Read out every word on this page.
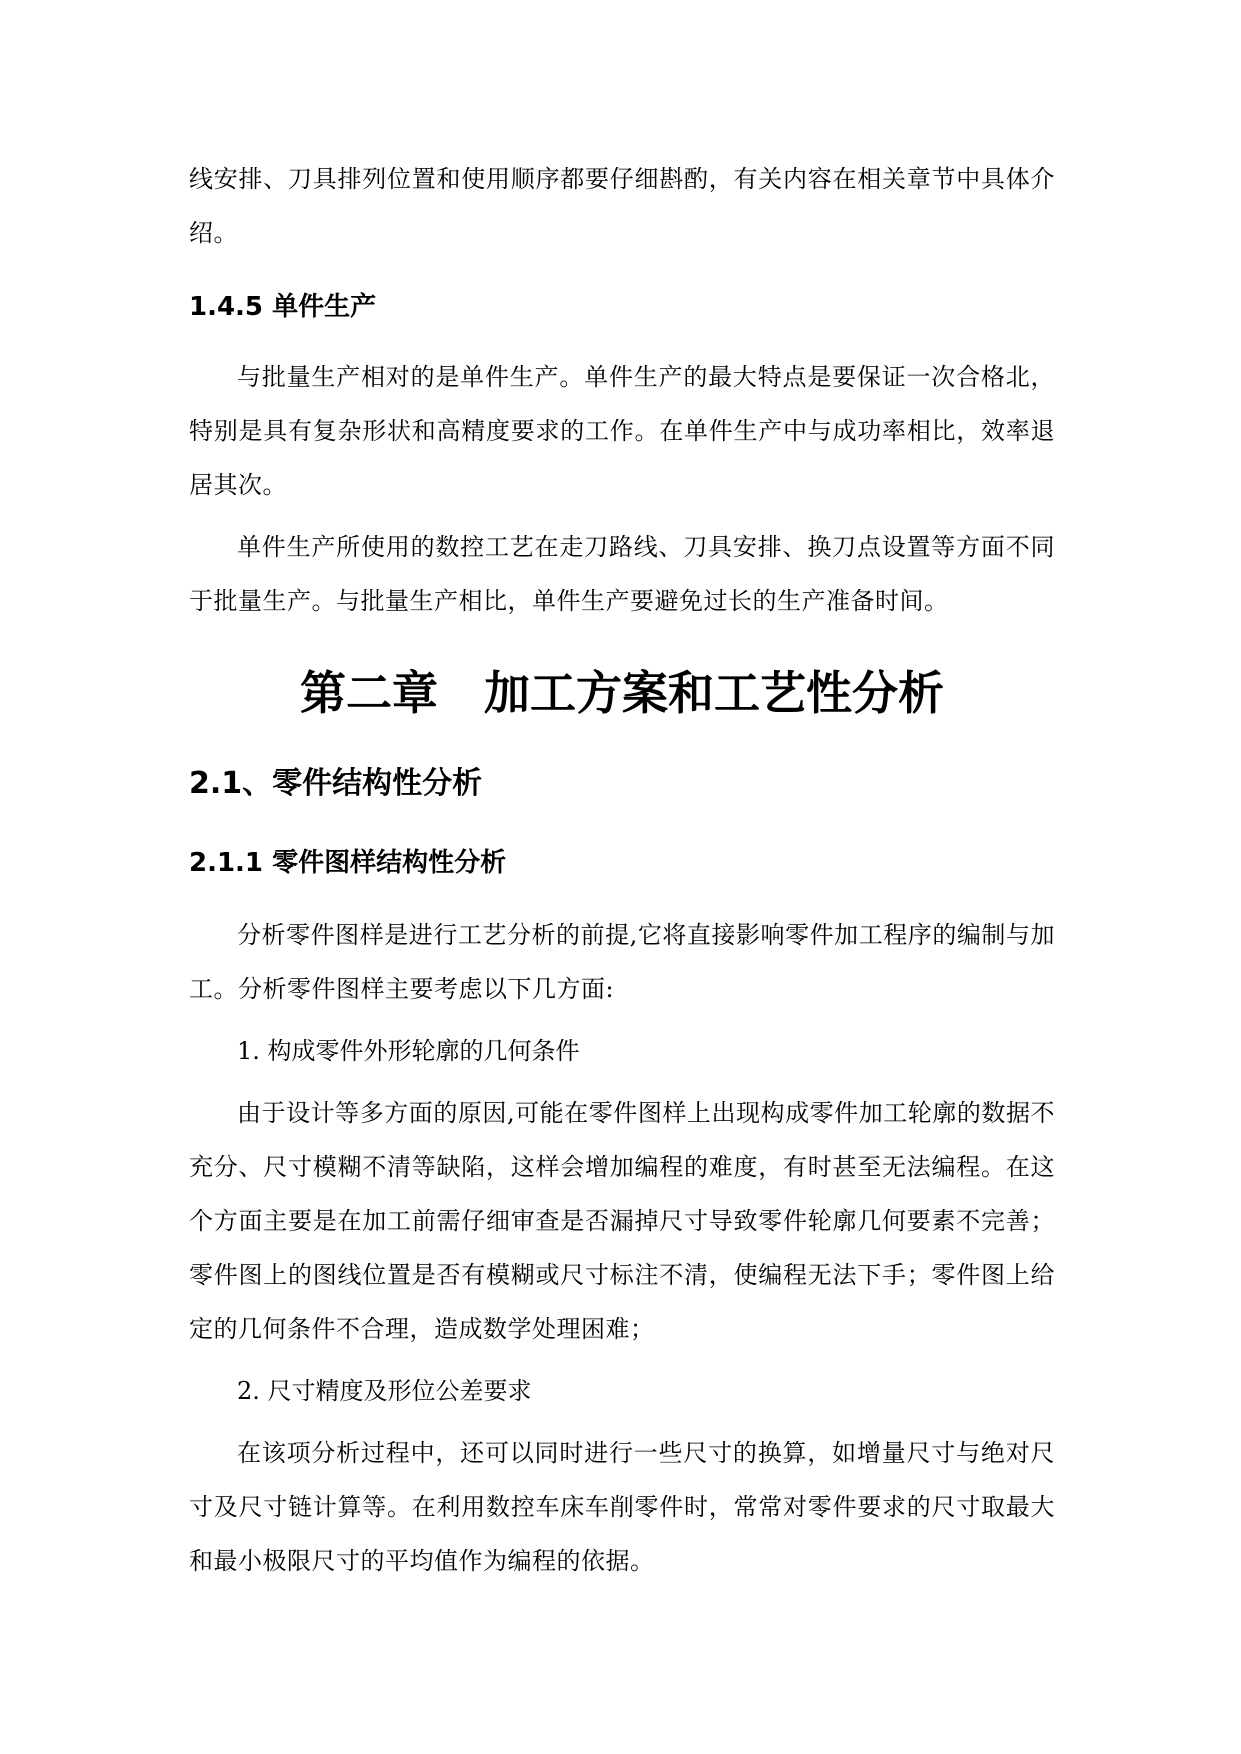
线安排、刀具排列位置和使用顺序都要仔细斟酌，有关内容在相关章节中具体介绍。

1.4.5 单件生产

与批量生产相对的是单件生产。单件生产的最大特点是要保证一次合格北，特别是具有复杂形状和高精度要求的工作。在单件生产中与成功率相比，效率退居其次。

单件生产所使用的数控工艺在走刀路线、刀具安排、换刀点设置等方面不同于批量生产。与批量生产相比，单件生产要避免过长的生产准备时间。

第二章　加工方案和工艺性分析
2.1、零件结构性分析
2.1.1 零件图样结构性分析

分析零件图样是进行工艺分析的前提,它将直接影响零件加工程序的编制与加工。分析零件图样主要考虑以下几方面:

1. 构成零件外形轮廓的几何条件

由于设计等多方面的原因,可能在零件图样上出现构成零件加工轮廓的数据不充分、尺寸模糊不清等缺陷，这样会增加编程的难度，有时甚至无法编程。在这个方面主要是在加工前需仔细审查是否漏掉尺寸导致零件轮廓几何要素不完善；零件图上的图线位置是否有模糊或尺寸标注不清，使编程无法下手；零件图上给定的几何条件不合理，造成数学处理困难；

2. 尺寸精度及形位公差要求

在该项分析过程中，还可以同时进行一些尺寸的换算，如增量尺寸与绝对尺寸及尺寸链计算等。在利用数控车床车削零件时，常常对零件要求的尺寸取最大和最小极限尺寸的平均值作为编程的依据。
